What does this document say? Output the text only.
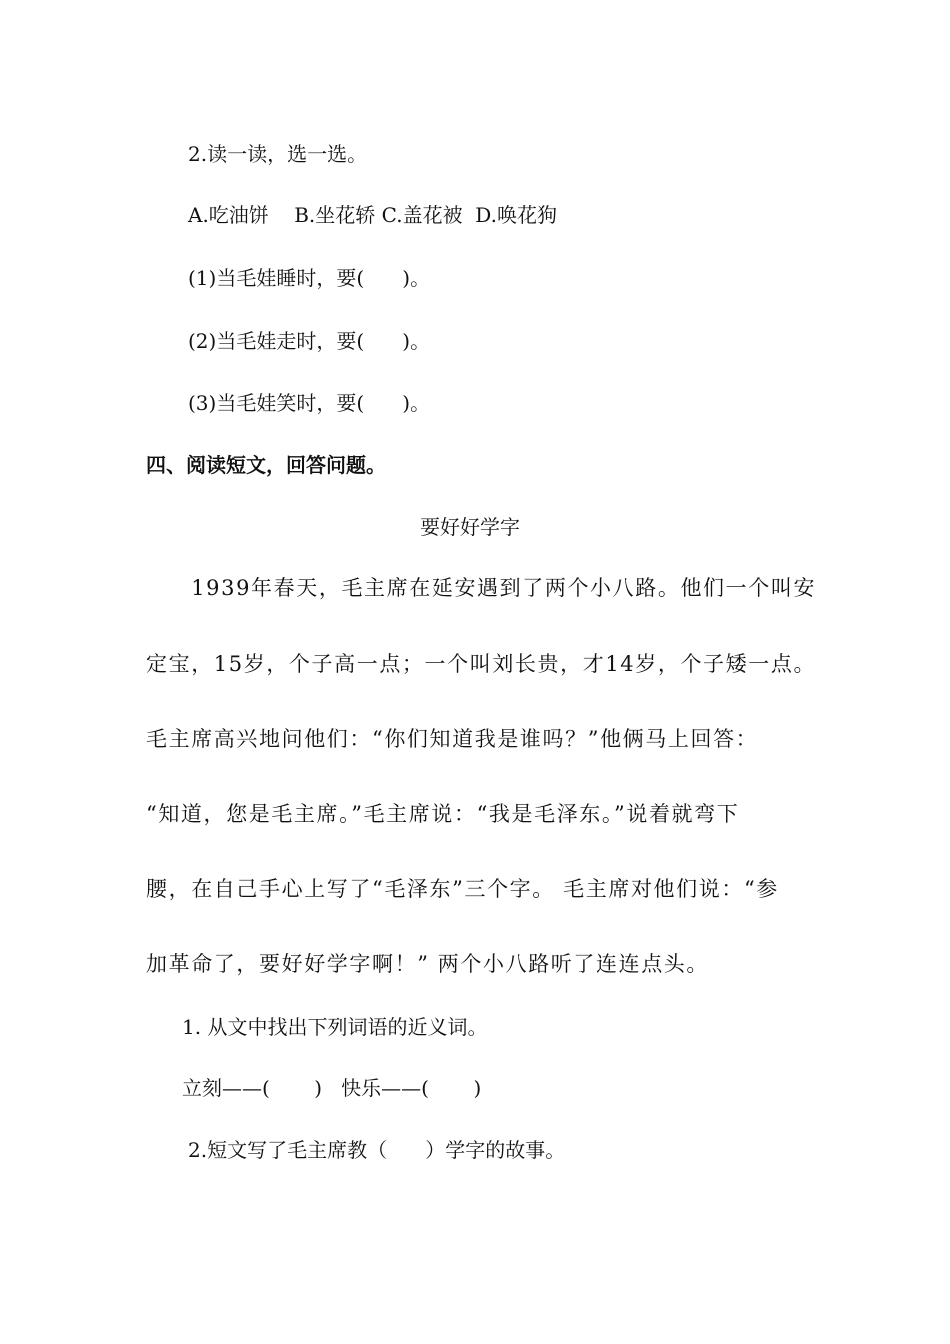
2.读一读，选一选。
A.吃油饼    B.坐花轿 C.盖花被  D.唤花狗
(1)当毛娃睡时，要(      )。
(2)当毛娃走时，要(      )。
(3)当毛娃笑时，要(      )。
四、阅读短文，回答问题。
要好好学字
　　1939年春天，毛主席在延安遇到了两个小八路。他们一个叫安
定宝，15岁，个子高一点；一个叫刘长贵，才14岁，个子矮一点。
毛主席高兴地问他们：“你们知道我是谁吗？”他俩马上回答：
“知道，您是毛主席。”毛主席说：“我是毛泽东。”说着就弯下
腰，在自己手心上写了“毛泽东”三个字。 毛主席对他们说：“参
加革命了，要好好学字啊！” 两个小八路听了连连点头。
1. 从文中找出下列词语的近义词。
立刻——(       )   快乐——(       )
2.短文写了毛主席教（      ）学字的故事。
